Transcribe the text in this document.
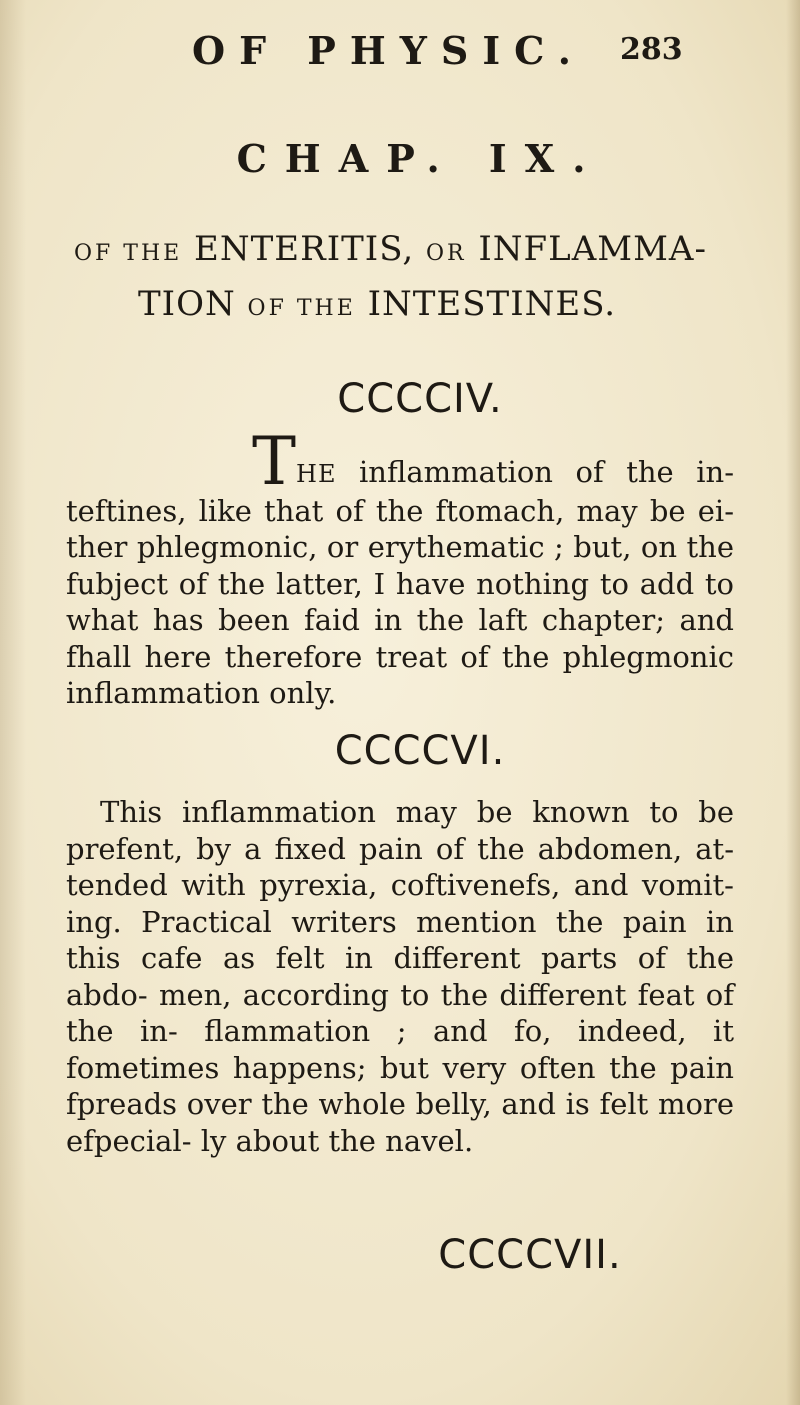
OF PHYSIC. 283
CHAP. IX.
OF THE ENTERITIS, OR INFLAMMA-
TION OF THE INTESTINES.
CCCCIV.

THE inflammation of the in- teftines, like that of the ftomach, may be ei- ther phlegmonic, or erythematic ; but, on the fubject of the latter, I have nothing to add to what has been faid in the laft chapter; and fhall here therefore treat of the phlegmonic inflammation only.

CCCCVI.

This inflammation may be known to be prefent, by a fixed pain of the abdomen, at- tended with pyrexia, coftivenefs, and vomit- ing. Practical writers mention the pain in this cafe as felt in different parts of the abdo- men, according to the different feat of the in- flammation ; and fo, indeed, it fometimes happens; but very often the pain fpreads over the whole belly, and is felt more efpecial- ly about the navel.

CCCCVII.
